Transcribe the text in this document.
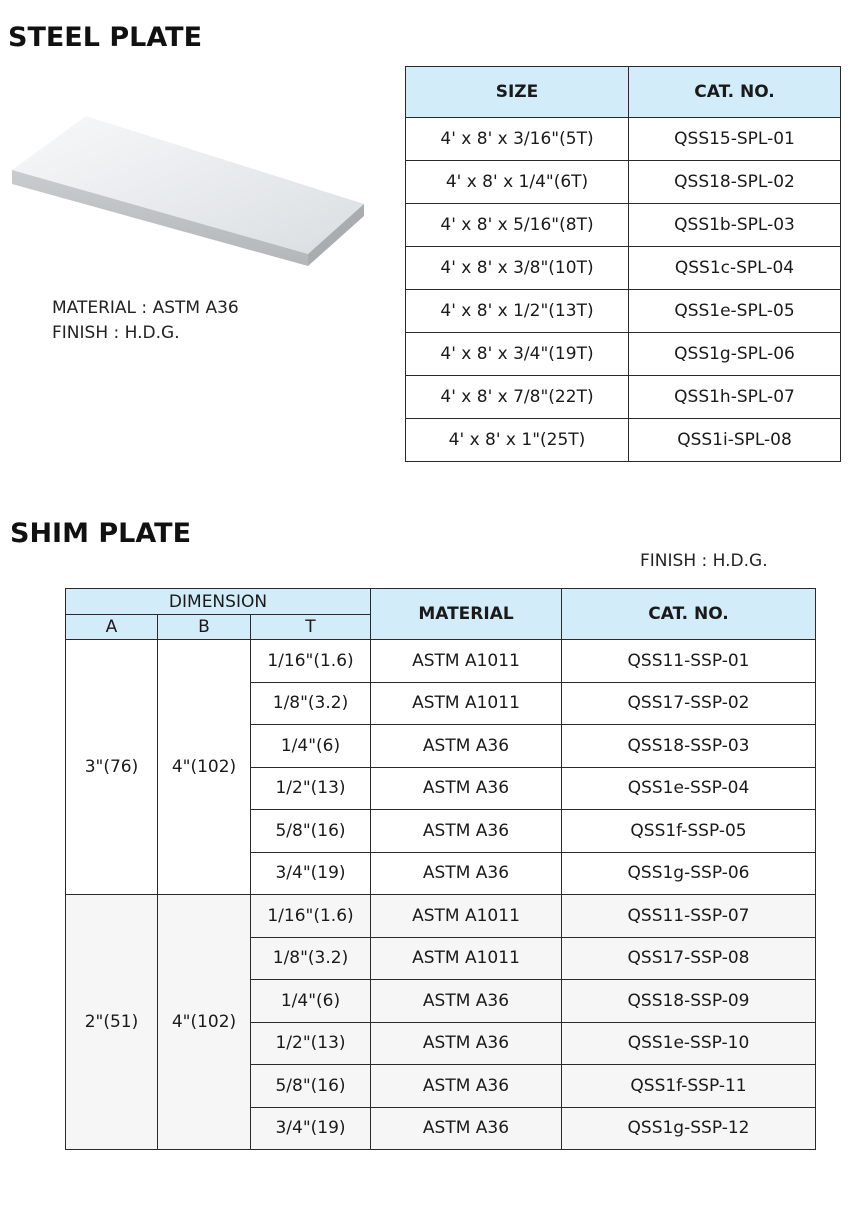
STEEL PLATE
MATERIAL : ASTM A36
FINISH : H.D.G.
SIZE	CAT. NO.
4' x 8' x 3/16"(5T)	QSS15-SPL-01
4' x 8' x 1/4"(6T)	QSS18-SPL-02
4' x 8' x 5/16"(8T)	QSS1b-SPL-03
4' x 8' x 3/8"(10T)	QSS1c-SPL-04
4' x 8' x 1/2"(13T)	QSS1e-SPL-05
4' x 8' x 3/4"(19T)	QSS1g-SPL-06
4' x 8' x 7/8"(22T)	QSS1h-SPL-07
4' x 8' x 1"(25T)	QSS1i-SPL-08
SHIM PLATE
FINISH : H.D.G.
DIMENSION			MATERIAL	CAT. NO.
A	B	T		
3"(76)	4"(102)	1/16"(1.6)	ASTM A1011	QSS11-SSP-01
		1/8"(3.2)	ASTM A1011	QSS17-SSP-02
		1/4"(6)	ASTM A36	QSS18-SSP-03
		1/2"(13)	ASTM A36	QSS1e-SSP-04
		5/8"(16)	ASTM A36	QSS1f-SSP-05
		3/4"(19)	ASTM A36	QSS1g-SSP-06
2"(51)	4"(102)	1/16"(1.6)	ASTM A1011	QSS11-SSP-07
		1/8"(3.2)	ASTM A1011	QSS17-SSP-08
		1/4"(6)	ASTM A36	QSS18-SSP-09
		1/2"(13)	ASTM A36	QSS1e-SSP-10
		5/8"(16)	ASTM A36	QSS1f-SSP-11
		3/4"(19)	ASTM A36	QSS1g-SSP-12
